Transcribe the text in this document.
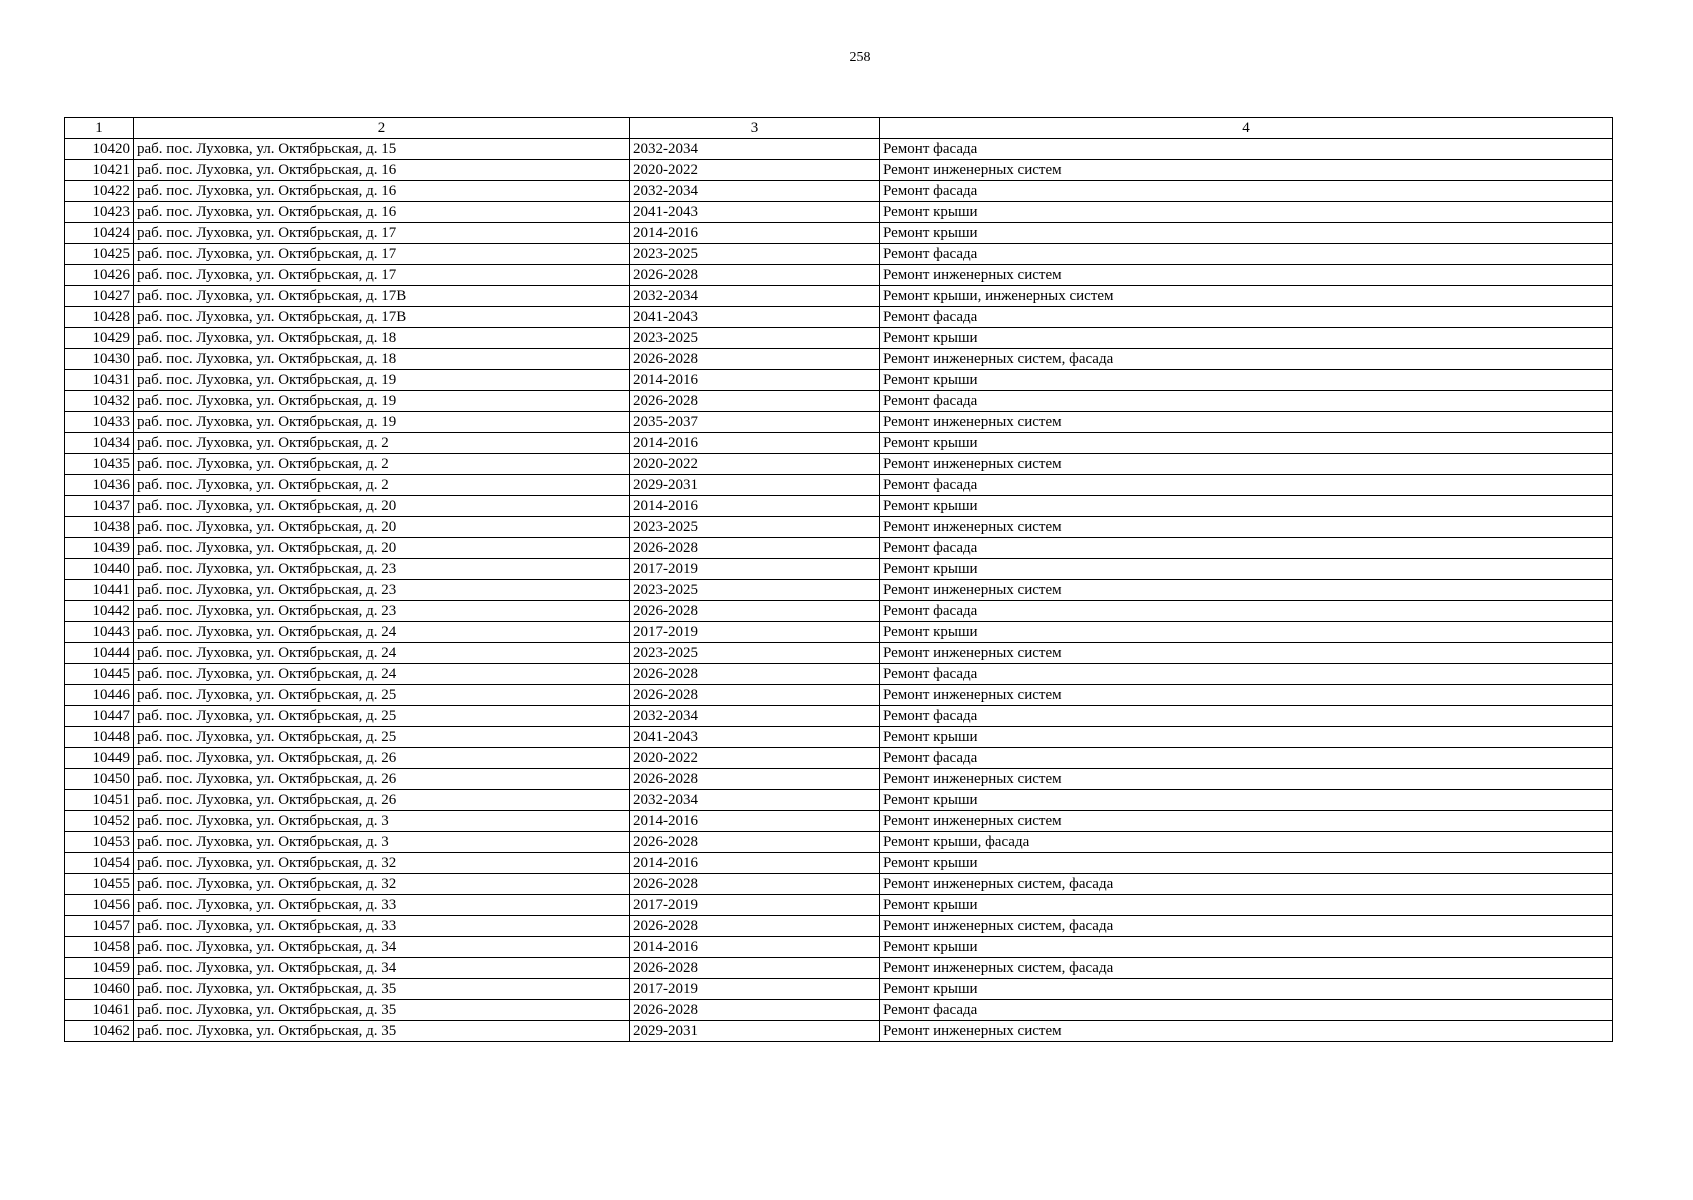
258
1	2	3	4
10420	раб. пос. Луховка, ул. Октябрьская, д. 15	2032-2034	Ремонт фасада
10421	раб. пос. Луховка, ул. Октябрьская, д. 16	2020-2022	Ремонт инженерных систем
10422	раб. пос. Луховка, ул. Октябрьская, д. 16	2032-2034	Ремонт фасада
10423	раб. пос. Луховка, ул. Октябрьская, д. 16	2041-2043	Ремонт крыши
10424	раб. пос. Луховка, ул. Октябрьская, д. 17	2014-2016	Ремонт крыши
10425	раб. пос. Луховка, ул. Октябрьская, д. 17	2023-2025	Ремонт фасада
10426	раб. пос. Луховка, ул. Октябрьская, д. 17	2026-2028	Ремонт инженерных систем
10427	раб. пос. Луховка, ул. Октябрьская, д. 17В	2032-2034	Ремонт крыши, инженерных систем
10428	раб. пос. Луховка, ул. Октябрьская, д. 17В	2041-2043	Ремонт фасада
10429	раб. пос. Луховка, ул. Октябрьская, д. 18	2023-2025	Ремонт крыши
10430	раб. пос. Луховка, ул. Октябрьская, д. 18	2026-2028	Ремонт инженерных систем, фасада
10431	раб. пос. Луховка, ул. Октябрьская, д. 19	2014-2016	Ремонт крыши
10432	раб. пос. Луховка, ул. Октябрьская, д. 19	2026-2028	Ремонт фасада
10433	раб. пос. Луховка, ул. Октябрьская, д. 19	2035-2037	Ремонт инженерных систем
10434	раб. пос. Луховка, ул. Октябрьская, д. 2	2014-2016	Ремонт крыши
10435	раб. пос. Луховка, ул. Октябрьская, д. 2	2020-2022	Ремонт инженерных систем
10436	раб. пос. Луховка, ул. Октябрьская, д. 2	2029-2031	Ремонт фасада
10437	раб. пос. Луховка, ул. Октябрьская, д. 20	2014-2016	Ремонт крыши
10438	раб. пос. Луховка, ул. Октябрьская, д. 20	2023-2025	Ремонт инженерных систем
10439	раб. пос. Луховка, ул. Октябрьская, д. 20	2026-2028	Ремонт фасада
10440	раб. пос. Луховка, ул. Октябрьская, д. 23	2017-2019	Ремонт крыши
10441	раб. пос. Луховка, ул. Октябрьская, д. 23	2023-2025	Ремонт инженерных систем
10442	раб. пос. Луховка, ул. Октябрьская, д. 23	2026-2028	Ремонт фасада
10443	раб. пос. Луховка, ул. Октябрьская, д. 24	2017-2019	Ремонт крыши
10444	раб. пос. Луховка, ул. Октябрьская, д. 24	2023-2025	Ремонт инженерных систем
10445	раб. пос. Луховка, ул. Октябрьская, д. 24	2026-2028	Ремонт фасада
10446	раб. пос. Луховка, ул. Октябрьская, д. 25	2026-2028	Ремонт инженерных систем
10447	раб. пос. Луховка, ул. Октябрьская, д. 25	2032-2034	Ремонт фасада
10448	раб. пос. Луховка, ул. Октябрьская, д. 25	2041-2043	Ремонт крыши
10449	раб. пос. Луховка, ул. Октябрьская, д. 26	2020-2022	Ремонт фасада
10450	раб. пос. Луховка, ул. Октябрьская, д. 26	2026-2028	Ремонт инженерных систем
10451	раб. пос. Луховка, ул. Октябрьская, д. 26	2032-2034	Ремонт крыши
10452	раб. пос. Луховка, ул. Октябрьская, д. 3	2014-2016	Ремонт инженерных систем
10453	раб. пос. Луховка, ул. Октябрьская, д. 3	2026-2028	Ремонт крыши, фасада
10454	раб. пос. Луховка, ул. Октябрьская, д. 32	2014-2016	Ремонт крыши
10455	раб. пос. Луховка, ул. Октябрьская, д. 32	2026-2028	Ремонт инженерных систем, фасада
10456	раб. пос. Луховка, ул. Октябрьская, д. 33	2017-2019	Ремонт крыши
10457	раб. пос. Луховка, ул. Октябрьская, д. 33	2026-2028	Ремонт инженерных систем, фасада
10458	раб. пос. Луховка, ул. Октябрьская, д. 34	2014-2016	Ремонт крыши
10459	раб. пос. Луховка, ул. Октябрьская, д. 34	2026-2028	Ремонт инженерных систем, фасада
10460	раб. пос. Луховка, ул. Октябрьская, д. 35	2017-2019	Ремонт крыши
10461	раб. пос. Луховка, ул. Октябрьская, д. 35	2026-2028	Ремонт фасада
10462	раб. пос. Луховка, ул. Октябрьская, д. 35	2029-2031	Ремонт инженерных систем
